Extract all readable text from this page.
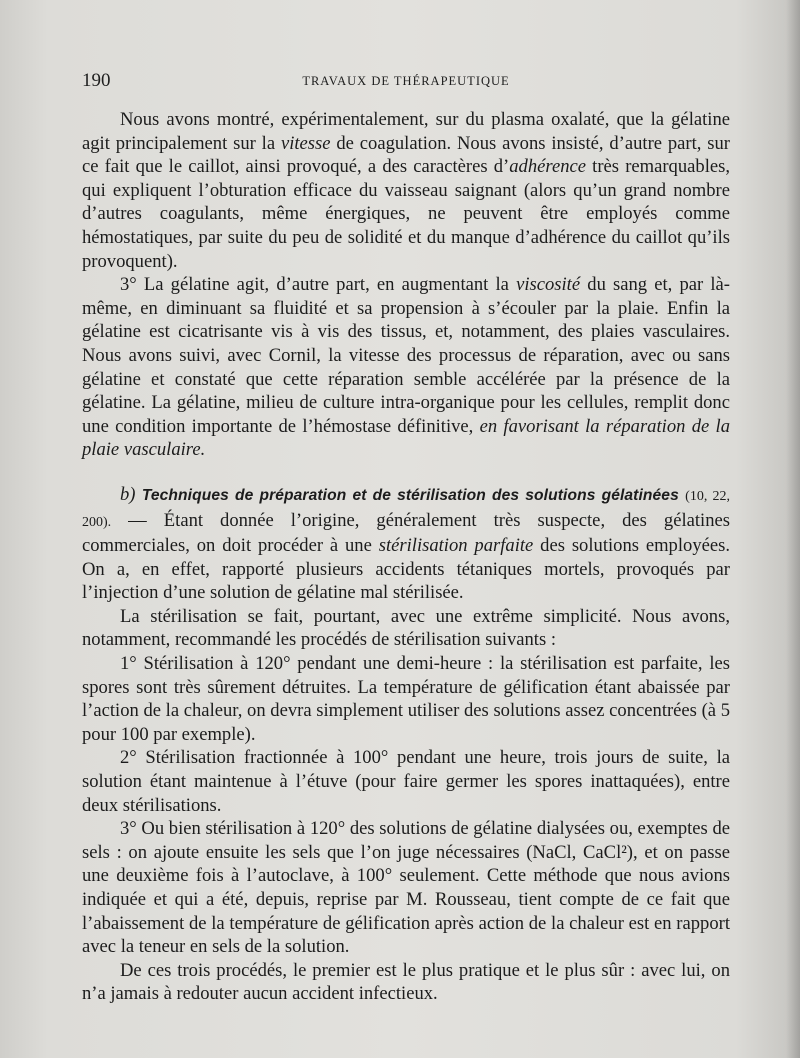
190	TRAVAUX DE THÉRAPEUTIQUE

Nous avons montré, expérimentalement, sur du plasma oxalaté, que la gélatine agit principalement sur la vitesse de coagulation. Nous avons insisté, d’autre part, sur ce fait que le caillot, ainsi provoqué, a des caractères d’adhérence très remarquables, qui expliquent l’obturation efficace du vaisseau saignant (alors qu’un grand nombre d’autres coagulants, même énergiques, ne peuvent être employés comme hémostatiques, par suite du peu de solidité et du manque d’adhérence du caillot qu’ils provoquent).

3° La gélatine agit, d’autre part, en augmentant la viscosité du sang et, par là-même, en diminuant sa fluidité et sa propension à s’écouler par la plaie. Enfin la gélatine est cicatrisante vis à vis des tissus, et, notamment, des plaies vasculaires. Nous avons suivi, avec Cornil, la vitesse des processus de réparation, avec ou sans gélatine et constaté que cette réparation semble accélérée par la présence de la gélatine. La gélatine, milieu de culture intra-organique pour les cellules, remplit donc une condition importante de l’hémostase définitive, en favorisant la réparation de la plaie vasculaire.

b) Techniques de préparation et de stérilisation des solutions gélatinées (10, 22, 200). — Étant donnée l’origine, généralement très suspecte, des gélatines commerciales, on doit procéder à une stérilisation parfaite des solutions employées. On a, en effet, rapporté plusieurs accidents tétaniques mortels, provoqués par l’injection d’une solution de gélatine mal stérilisée.

La stérilisation se fait, pourtant, avec une extrême simplicité. Nous avons, notamment, recommandé les procédés de stérilisation suivants :

1° Stérilisation à 120° pendant une demi-heure : la stérilisation est parfaite, les spores sont très sûrement détruites. La température de gélification étant abaissée par l’action de la chaleur, on devra simplement utiliser des solutions assez concentrées (à 5 pour 100 par exemple).

2° Stérilisation fractionnée à 100° pendant une heure, trois jours de suite, la solution étant maintenue à l’étuve (pour faire germer les spores inattaquées), entre deux stérilisations.

3° Ou bien stérilisation à 120° des solutions de gélatine dialysées ou, exemptes de sels : on ajoute ensuite les sels que l’on juge nécessaires (NaCl, CaCl²), et on passe une deuxième fois à l’autoclave, à 100° seulement. Cette méthode que nous avions indiquée et qui a été, depuis, reprise par M. Rousseau, tient compte de ce fait que l’abaissement de la température de gélification après action de la chaleur est en rapport avec la teneur en sels de la solution.

De ces trois procédés, le premier est le plus pratique et le plus sûr : avec lui, on n’a jamais à redouter aucun accident infectieux.
